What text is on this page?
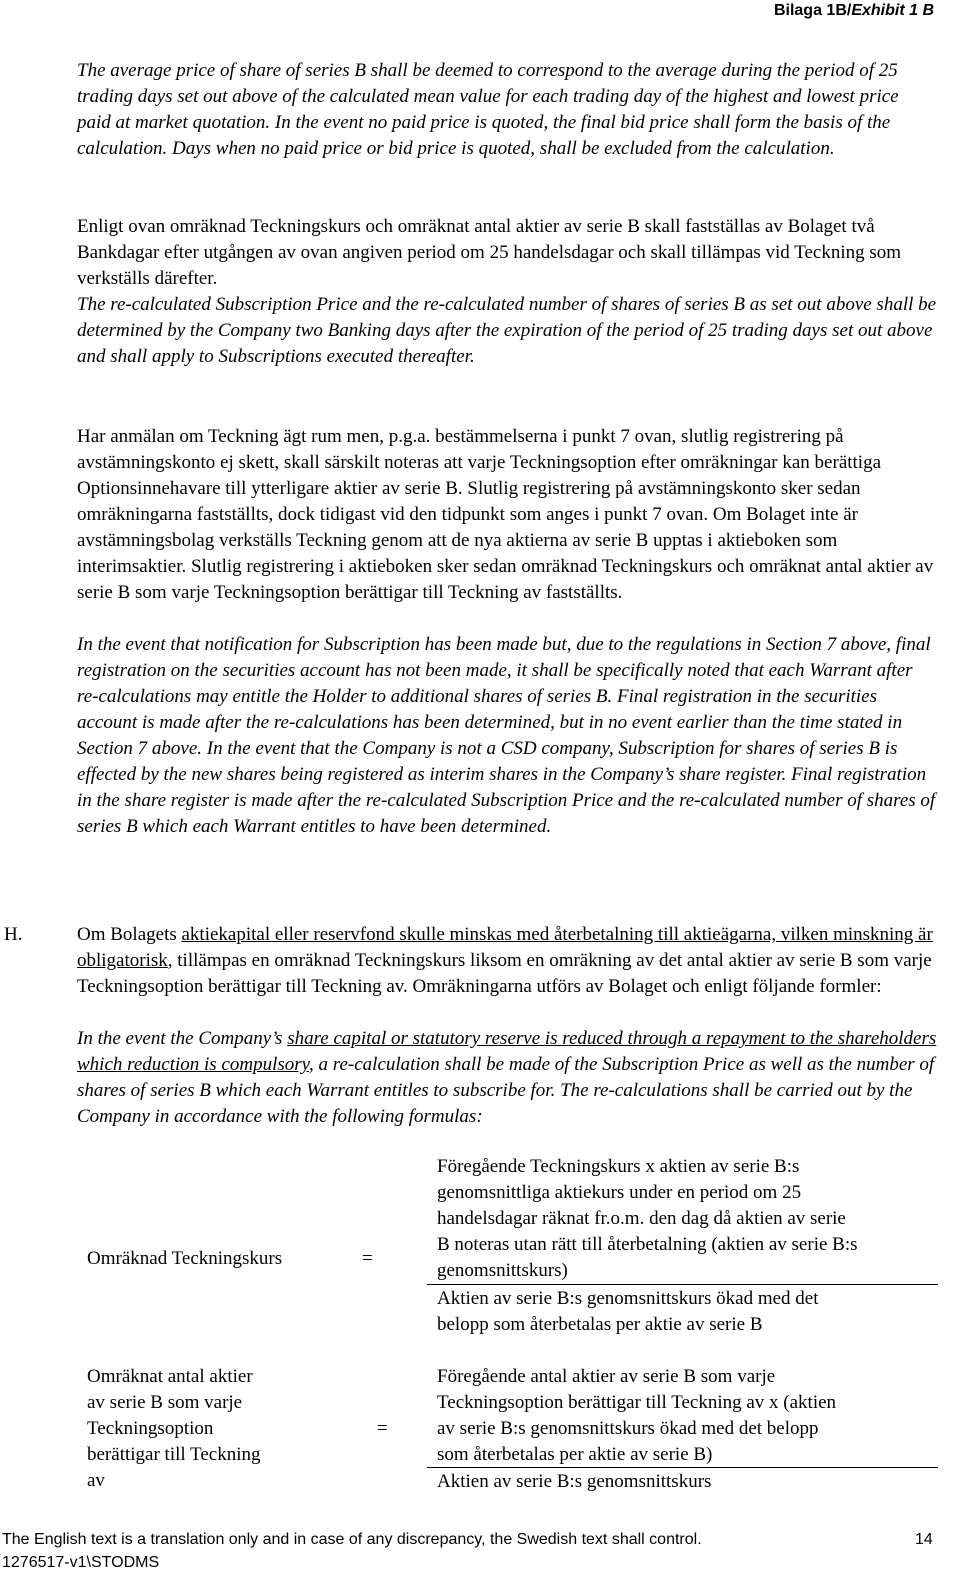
Bilaga 1B/Exhibit 1 B
The average price of share of series B shall be deemed to correspond to the average during the period of 25 trading days set out above of the calculated mean value for each trading day of the highest and lowest price paid at market quotation. In the event no paid price is quoted, the final bid price shall form the basis of the calculation. Days when no paid price or bid price is quoted, shall be excluded from the calculation.
Enligt ovan omräknad Teckningskurs och omräknat antal aktier av serie B skall fastställas av Bolaget två Bankdagar efter utgången av ovan angiven period om 25 handelsdagar och skall tillämpas vid Teckning som verkställs därefter.
The re-calculated Subscription Price and the re-calculated number of shares of series B as set out above shall be determined by the Company two Banking days after the expiration of the period of 25 trading days set out above and shall apply to Subscriptions executed thereafter.
Har anmälan om Teckning ägt rum men, p.g.a. bestämmelserna i punkt 7 ovan, slutlig registrering på avstämningskonto ej skett, skall särskilt noteras att varje Teckningsoption efter omräkningar kan berättiga Optionsinnehavare till ytterligare aktier av serie B. Slutlig registrering på avstämningskonto sker sedan omräkningarna fastställts, dock tidigast vid den tidpunkt som anges i punkt 7 ovan. Om Bolaget inte är avstämningsbolag verkställs Teckning genom att de nya aktierna av serie B upptas i aktieboken som interimsaktier. Slutlig registrering i aktieboken sker sedan omräknad Teckningskurs och omräknat antal aktier av serie B som varje Teckningsoption berättigar till Teckning av fastställts.
In the event that notification for Subscription has been made but, due to the regulations in Section 7 above, final registration on the securities account has not been made, it shall be specifically noted that each Warrant after re-calculations may entitle the Holder to additional shares of series B. Final registration in the securities account is made after the re-calculations has been determined, but in no event earlier than the time stated in Section 7 above. In the event that the Company is not a CSD company, Subscription for shares of series B is effected by the new shares being registered as interim shares in the Company’s share register. Final registration in the share register is made after the re-calculated Subscription Price and the re-calculated number of shares of series B which each Warrant entitles to have been determined.
H.	Om Bolagets aktiekapital eller reservfond skulle minskas med återbetalning till aktieägarna, vilken minskning är obligatorisk, tillämpas en omräknad Teckningskurs liksom en omräkning av det antal aktier av serie B som varje Teckningsoption berättigar till Teckning av. Omräkningarna utförs av Bolaget och enligt följande formler:
In the event the Company’s share capital or statutory reserve is reduced through a repayment to the shareholders which reduction is compulsory, a re-calculation shall be made of the Subscription Price as well as the number of shares of series B which each Warrant entitles to subscribe for. The re-calculations shall be carried out by the Company in accordance with the following formulas:
Omräknad Teckningskurs	=
Föregående Teckningskurs x aktien av serie B:s
genomsnittliga aktiekurs under en period om 25
handelsdagar räknat fr.o.m. den dag då aktien av serie
B noteras utan rätt till återbetalning (aktien av serie B:s
genomsnittskurs)
Aktien av serie B:s genomsnittskurs ökad med det
belopp som återbetalas per aktie av serie B
Omräknat antal aktier
av serie B som varje
Teckningsoption
berättigar till Teckning
av
=
Föregående antal aktier av serie B som varje
Teckningsoption berättigar till Teckning av x (aktien
av serie B:s genomsnittskurs ökad med det belopp
som återbetalas per aktie av serie B)
Aktien av serie B:s genomsnittskurs
The English text is a translation only and in case of any discrepancy, the Swedish text shall control.	14
1276517-v1\STODMS
